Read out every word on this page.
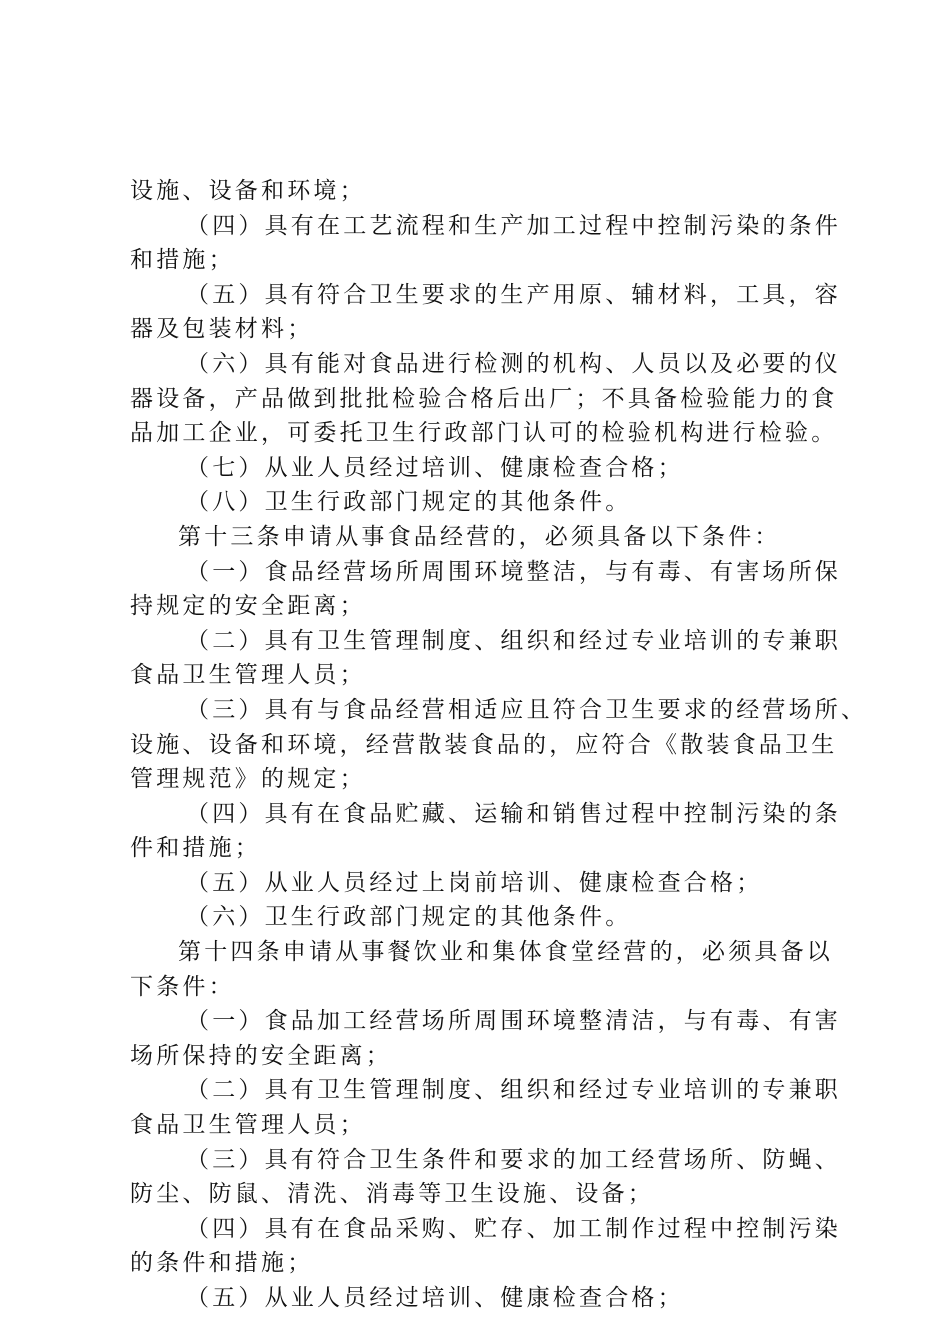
设施、设备和环境；
（四）具有在工艺流程和生产加工过程中控制污染的条件
和措施；
（五）具有符合卫生要求的生产用原、辅材料，工具，容
器及包装材料；
（六）具有能对食品进行检测的机构、人员以及必要的仪
器设备，产品做到批批检验合格后出厂；不具备检验能力的食
品加工企业，可委托卫生行政部门认可的检验机构进行检验。
（七）从业人员经过培训、健康检查合格；
（八）卫生行政部门规定的其他条件。
第十三条申请从事食品经营的，必须具备以下条件：
（一）食品经营场所周围环境整洁，与有毒、有害场所保
持规定的安全距离；
（二）具有卫生管理制度、组织和经过专业培训的专兼职
食品卫生管理人员；
（三）具有与食品经营相适应且符合卫生要求的经营场所、
设施、设备和环境，经营散装食品的，应符合《散装食品卫生
管理规范》的规定；
（四）具有在食品贮藏、运输和销售过程中控制污染的条
件和措施；
（五）从业人员经过上岗前培训、健康检查合格；
（六）卫生行政部门规定的其他条件。
第十四条申请从事餐饮业和集体食堂经营的，必须具备以
下条件：
（一）食品加工经营场所周围环境整清洁，与有毒、有害
场所保持的安全距离；
（二）具有卫生管理制度、组织和经过专业培训的专兼职
食品卫生管理人员；
（三）具有符合卫生条件和要求的加工经营场所、防蝇、
防尘、防鼠、清洗、消毒等卫生设施、设备；
（四）具有在食品采购、贮存、加工制作过程中控制污染
的条件和措施；
（五）从业人员经过培训、健康检查合格；
